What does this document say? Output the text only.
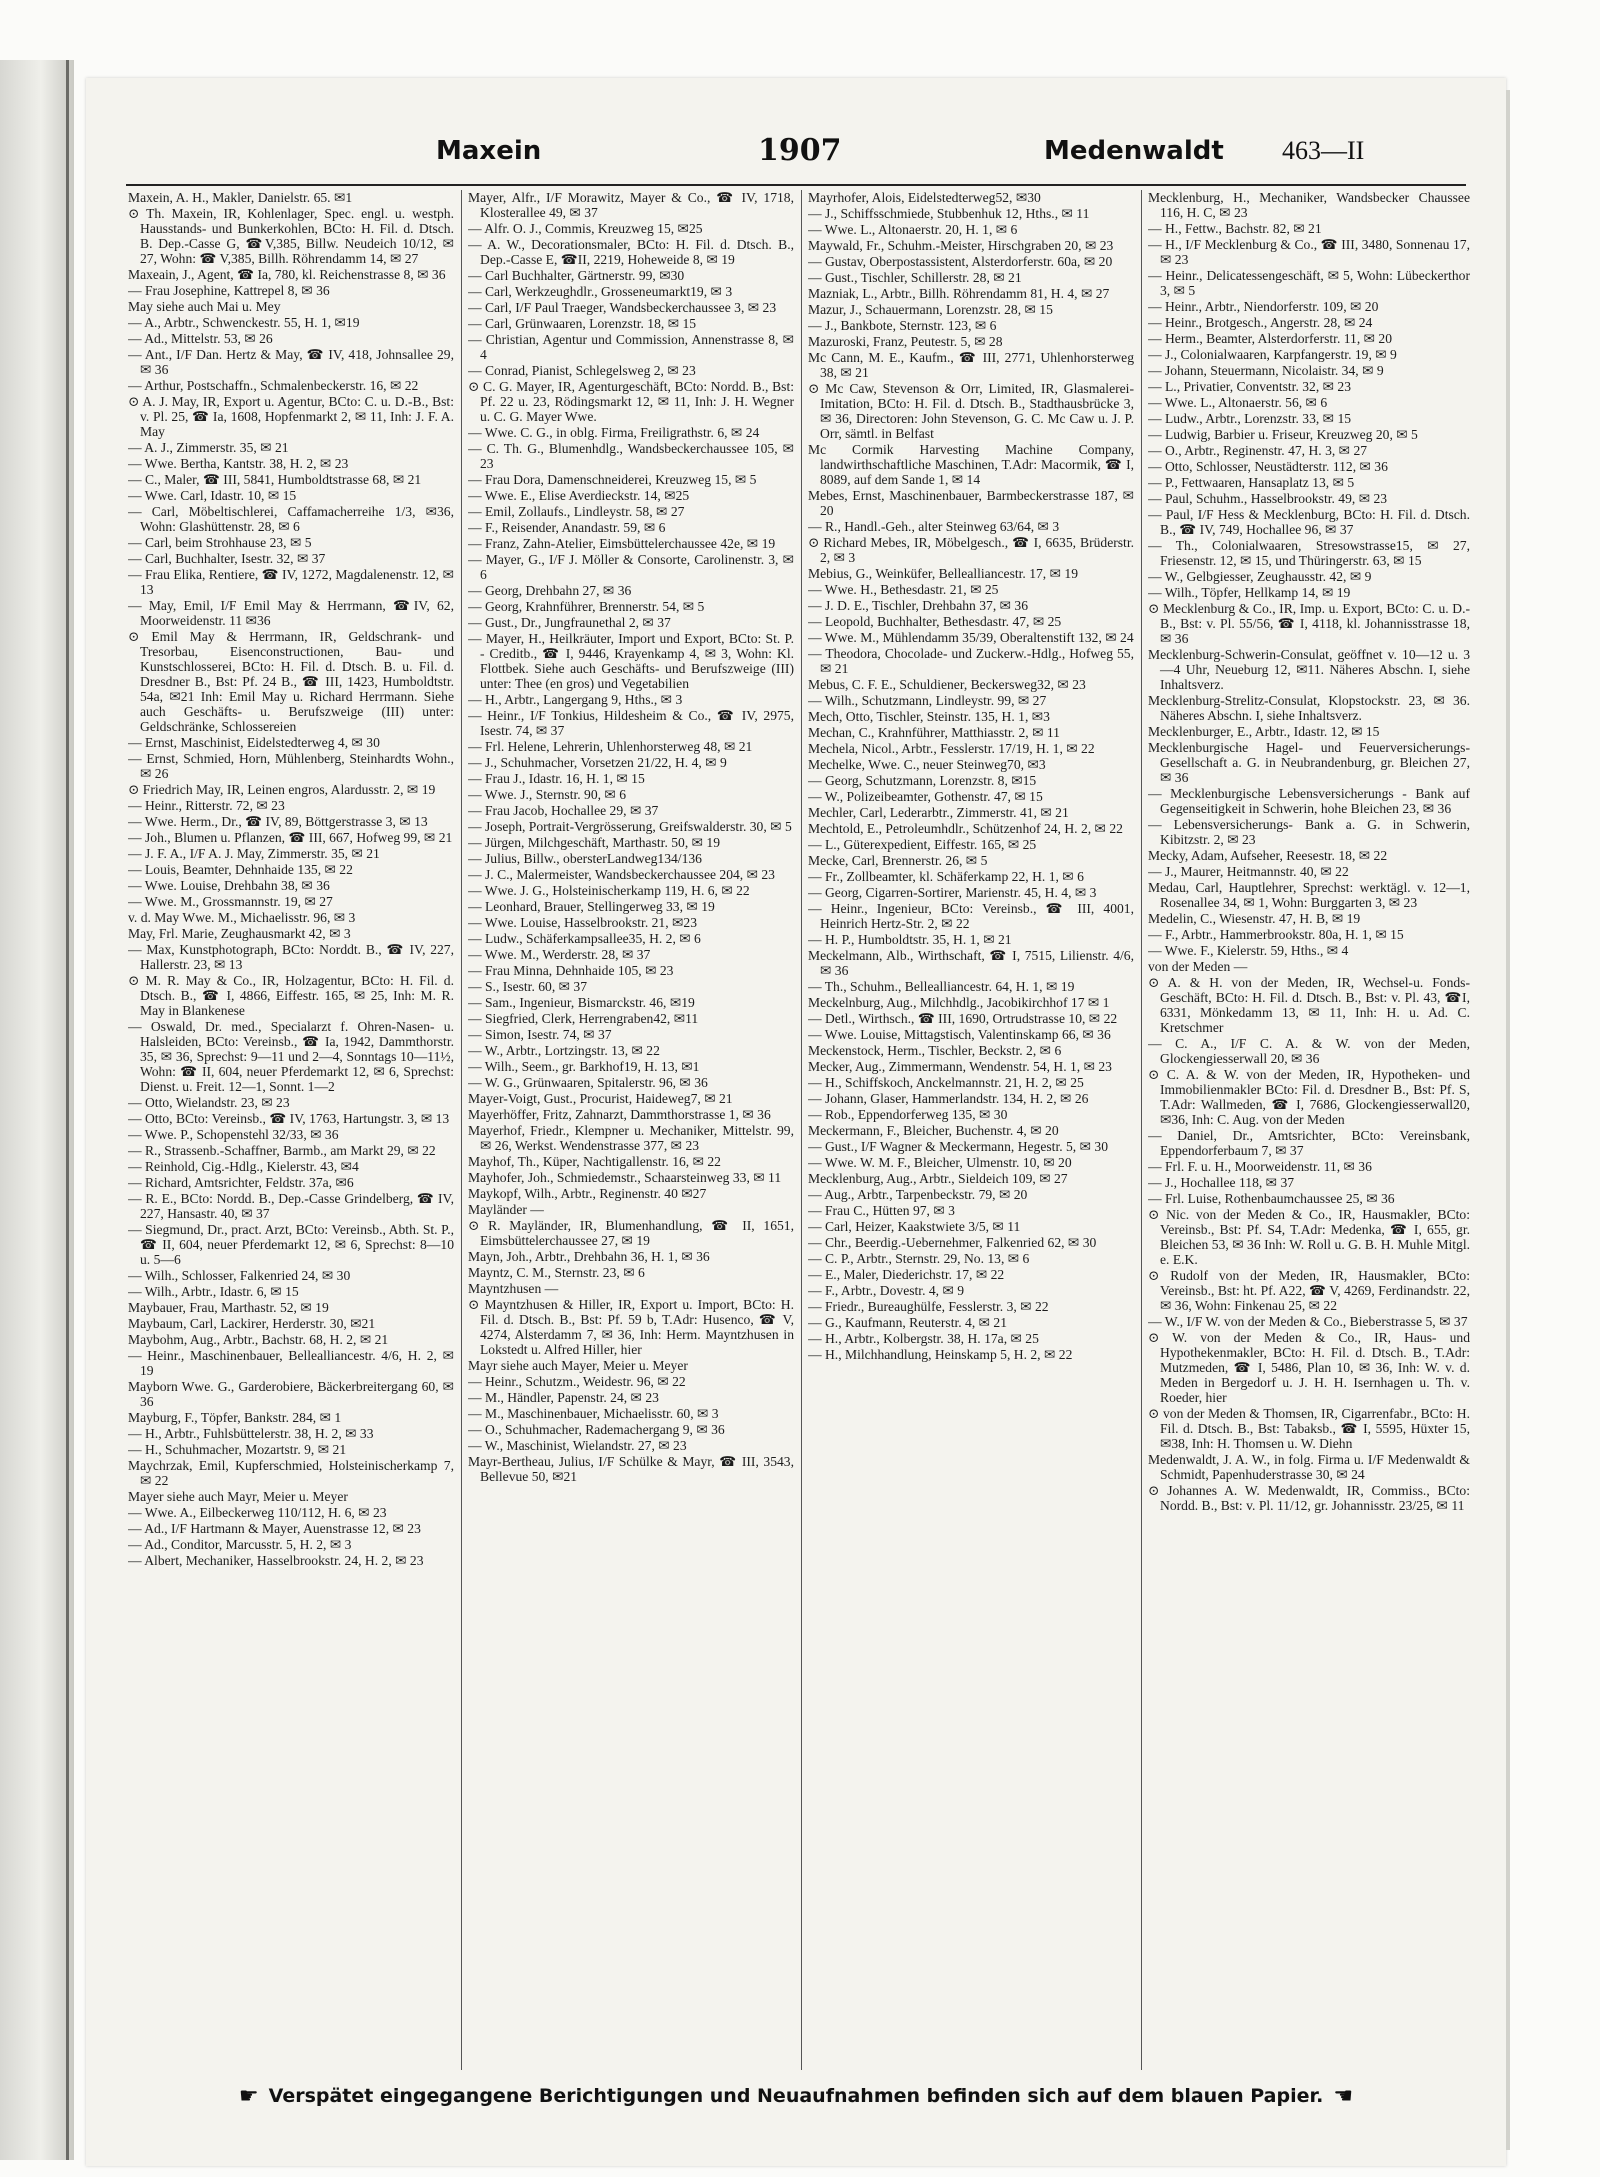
Maxein	1907	Medenwaldt 463—II
Maxein, A. H., Makler, Danielstr. 65. ✉1
⊙ Th. Maxein, IR, Kohlenlager, Spec. engl. u. westph. Hausstands- und Bunkerkohlen, BCto: H. Fil. d. Dtsch. B. Dep.-Casse G, ☎V,385, Billw. Neudeich 10/12, ✉ 27, Wohn: ☎ V,385, Billh. Röhrendamm 14, ✉ 27
Maxeain, J., Agent, ☎ Ia, 780, kl. Reichenstrasse 8, ✉ 36
— Frau Josephine, Kattrepel 8, ✉ 36
May siehe auch Mai u. Mey
— A., Arbtr., Schwenckestr. 55, H. 1, ✉19
— Ad., Mittelstr. 53, ✉ 26
— Ant., I/F Dan. Hertz & May, ☎ IV, 418, Johnsallee 29, ✉ 36
— Arthur, Postschaffn., Schmalenbeckerstr. 16, ✉ 22
⊙ A. J. May, IR, Export u. Agentur, BCto: C. u. D.-B., Bst: v. Pl. 25, ☎ Ia, 1608, Hopfenmarkt 2, ✉ 11, Inh: J. F. A. May
— A. J., Zimmerstr. 35, ✉ 21
— Wwe. Bertha, Kantstr. 38, H. 2, ✉ 23
— C., Maler, ☎ III, 5841, Humboldtstrasse 68, ✉ 21
— Wwe. Carl, Idastr. 10, ✉ 15
— Carl, Möbeltischlerei, Caffamacherreihe 1/3, ✉36, Wohn: Glashüttenstr. 28, ✉ 6
— Carl, beim Strohhause 23, ✉ 5
— Carl, Buchhalter, Isestr. 32, ✉ 37
— Frau Elika, Rentiere, ☎ IV, 1272, Magdalenenstr. 12, ✉ 13
— May, Emil, I/F Emil May & Herrmann, ☎IV, 62, Moorweidenstr. 11 ✉36
⊙ Emil May & Herrmann, IR, Geldschrank- und Tresorbau, Eisenconstructionen, Bau- und Kunstschlosserei, BCto: H. Fil. d. Dtsch. B. u. Fil. d. Dresdner B., Bst: Pf. 24 B., ☎ III, 1423, Humboldtstr. 54a, ✉21 Inh: Emil May u. Richard Herrmann. Siehe auch Geschäfts- u. Berufszweige (III) unter: Geldschränke, Schlossereien
— Ernst, Maschinist, Eidelstedterweg 4, ✉ 30
— Ernst, Schmied, Horn, Mühlenberg, Steinhardts Wohn., ✉ 26
⊙ Friedrich May, IR, Leinen engros, Alardusstr. 2, ✉ 19
— Heinr., Ritterstr. 72, ✉ 23
— Wwe. Herm., Dr., ☎ IV, 89, Böttgerstrasse 3, ✉ 13
— Joh., Blumen u. Pflanzen, ☎ III, 667, Hofweg 99, ✉ 21
— J. F. A., I/F A. J. May, Zimmerstr. 35, ✉ 21
— Louis, Beamter, Dehnhaide 135, ✉ 22
— Wwe. Louise, Drehbahn 38, ✉ 36
— Wwe. M., Grossmannstr. 19, ✉ 27
v. d. May Wwe. M., Michaelisstr. 96, ✉ 3
May, Frl. Marie, Zeughausmarkt 42, ✉ 3
— Max, Kunstphotograph, BCto: Norddt. B., ☎ IV, 227, Hallerstr. 23, ✉ 13
⊙ M. R. May & Co., IR, Holzagentur, BCto: H. Fil. d. Dtsch. B., ☎ I, 4866, Eiffestr. 165, ✉ 25, Inh: M. R. May in Blankenese
— Oswald, Dr. med., Specialarzt f. Ohren-Nasen- u. Halsleiden, BCto: Vereinsb., ☎ Ia, 1942, Dammthorstr. 35, ✉ 36, Sprechst: 9—11 und 2—4, Sonntags 10—11½, Wohn: ☎ II, 604, neuer Pferdemarkt 12, ✉ 6, Sprechst: Dienst. u. Freit. 12—1, Sonnt. 1—2
— Otto, Wielandstr. 23, ✉ 23
— Otto, BCto: Vereinsb., ☎ IV, 1763, Hartungstr. 3, ✉ 13
— Wwe. P., Schopenstehl 32/33, ✉ 36
— R., Strassenb.-Schaffner, Barmb., am Markt 29, ✉ 22
— Reinhold, Cig.-Hdlg., Kielerstr. 43, ✉4
— Richard, Amtsrichter, Feldstr. 37a, ✉6
— R. E., BCto: Nordd. B., Dep.-Casse Grindelberg, ☎ IV, 227, Hansastr. 40, ✉ 37
— Siegmund, Dr., pract. Arzt, BCto: Vereinsb., Abth. St. P., ☎ II, 604, neuer Pferdemarkt 12, ✉ 6, Sprechst: 8—10 u. 5—6
— Wilh., Schlosser, Falkenried 24, ✉ 30
— Wilh., Arbtr., Idastr. 6, ✉ 15
Maybauer, Frau, Marthastr. 52, ✉ 19
Maybaum, Carl, Lackirer, Herderstr. 30, ✉21
Maybohm, Aug., Arbtr., Bachstr. 68, H. 2, ✉ 21
— Heinr., Maschinenbauer, Bellealliancestr. 4/6, H. 2, ✉ 19
Mayborn Wwe. G., Garderobiere, Bäckerbreitergang 60, ✉ 36
Mayburg, F., Töpfer, Bankstr. 284, ✉ 1
— H., Arbtr., Fuhlsbüttelerstr. 38, H. 2, ✉ 33
— H., Schuhmacher, Mozartstr. 9, ✉ 21
Maychrzak, Emil, Kupferschmied, Holsteinischerkamp 7, ✉ 22
Mayer siehe auch Mayr, Meier u. Meyer
— Wwe. A., Eilbeckerweg 110/112, H. 6, ✉ 23
— Ad., I/F Hartmann & Mayer, Auenstrasse 12, ✉ 23
— Ad., Conditor, Marcusstr. 5, H. 2, ✉ 3
— Albert, Mechaniker, Hasselbrookstr. 24, H. 2, ✉ 23
Mayer, Alfr., I/F Morawitz, Mayer & Co., ☎ IV, 1718, Klosterallee 49, ✉ 37
— Alfr. O. J., Commis, Kreuzweg 15, ✉25
— A. W., Decorationsmaler, BCto: H. Fil. d. Dtsch. B., Dep.-Casse E, ☎II, 2219, Hoheweide 8, ✉ 19
— Carl Buchhalter, Gärtnerstr. 99, ✉30
— Carl, Werkzeughdlr., Grosseneumarkt19, ✉ 3
— Carl, I/F Paul Traeger, Wandsbeckerchaussee 3, ✉ 23
— Carl, Grünwaaren, Lorenzstr. 18, ✉ 15
— Christian, Agentur und Commission, Annenstrasse 8, ✉ 4
— Conrad, Pianist, Schlegelsweg 2, ✉ 23
⊙ C. G. Mayer, IR, Agenturgeschäft, BCto: Nordd. B., Bst: Pf. 22 u. 23, Rödingsmarkt 12, ✉ 11, Inh: J. H. Wegner u. C. G. Mayer Wwe.
— Wwe. C. G., in oblg. Firma, Freiligrathstr. 6, ✉ 24
— C. Th. G., Blumenhdlg., Wandsbeckerchaussee 105, ✉ 23
— Frau Dora, Damenschneiderei, Kreuzweg 15, ✉ 5
— Wwe. E., Elise Averdieckstr. 14, ✉25
— Emil, Zollaufs., Lindleystr. 58, ✉ 27
— F., Reisender, Anandastr. 59, ✉ 6
— Franz, Zahn-Atelier, Eimsbüttelerchaussee 42e, ✉ 19
— Mayer, G., I/F J. Möller & Consorte, Carolinenstr. 3, ✉ 6
— Georg, Drehbahn 27, ✉ 36
— Georg, Krahnführer, Brennerstr. 54, ✉ 5
— Gust., Dr., Jungfraunethal 2, ✉ 37
— Mayer, H., Heilkräuter, Import und Export, BCto: St. P. - Creditb., ☎ I, 9446, Krayenkamp 4, ✉ 3, Wohn: Kl. Flottbek. Siehe auch Geschäfts- und Berufszweige (III) unter: Thee (en gros) und Vegetabilien
— H., Arbtr., Langergang 9, Hths., ✉ 3
— Heinr., I/F Tonkius, Hildesheim & Co., ☎ IV, 2975, Isestr. 74, ✉ 37
— Frl. Helene, Lehrerin, Uhlenhorsterweg 48, ✉ 21
— J., Schuhmacher, Vorsetzen 21/22, H. 4, ✉ 9
— Frau J., Idastr. 16, H. 1, ✉ 15
— Wwe. J., Sternstr. 90, ✉ 6
— Frau Jacob, Hochallee 29, ✉ 37
— Joseph, Portrait-Vergrösserung, Greifswalderstr. 30, ✉ 5
— Jürgen, Milchgeschäft, Marthastr. 50, ✉ 19
— Julius, Billw., obersterLandweg134/136
— J. C., Malermeister, Wandsbeckerchaussee 204, ✉ 23
— Wwe. J. G., Holsteinischerkamp 119, H. 6, ✉ 22
— Leonhard, Brauer, Stellingerweg 33, ✉ 19
— Wwe. Louise, Hasselbrookstr. 21, ✉23
— Ludw., Schäferkampsallee35, H. 2, ✉ 6
— Wwe. M., Werderstr. 28, ✉ 37
— Frau Minna, Dehnhaide 105, ✉ 23
— S., Isestr. 60, ✉ 37
— Sam., Ingenieur, Bismarckstr. 46, ✉19
— Siegfried, Clerk, Herrengraben42, ✉11
— Simon, Isestr. 74, ✉ 37
— W., Arbtr., Lortzingstr. 13, ✉ 22
— Wilh., Seem., gr. Barkhof19, H. 13, ✉1
— W. G., Grünwaaren, Spitalerstr. 96, ✉ 36
Mayer-Voigt, Gust., Procurist, Haideweg7, ✉ 21
Mayerhöffer, Fritz, Zahnarzt, Dammthorstrasse 1, ✉ 36
Mayerhof, Friedr., Klempner u. Mechaniker, Mittelstr. 99, ✉ 26, Werkst. Wendenstrasse 377, ✉ 23
Mayhof, Th., Küper, Nachtigallenstr. 16, ✉ 22
Mayhofer, Joh., Schmiedemstr., Schaarsteinweg 33, ✉ 11
Maykopf, Wilh., Arbtr., Reginenstr. 40 ✉27
Mayländer —
⊙ R. Mayländer, IR, Blumenhandlung, ☎ II, 1651, Eimsbüttelerchaussee 27, ✉ 19
Mayn, Joh., Arbtr., Drehbahn 36, H. 1, ✉ 36
Mayntz, C. M., Sternstr. 23, ✉ 6
Mayntzhusen —
⊙ Mayntzhusen & Hiller, IR, Export u. Import, BCto: H. Fil. d. Dtsch. B., Bst: Pf. 59 b, T.Adr: Husenco, ☎ V, 4274, Alsterdamm 7, ✉ 36, Inh: Herm. Mayntzhusen in Lokstedt u. Alfred Hiller, hier
Mayr siehe auch Mayer, Meier u. Meyer
— Heinr., Schutzm., Weidestr. 96, ✉ 22
— M., Händler, Papenstr. 24, ✉ 23
— M., Maschinenbauer, Michaelisstr. 60, ✉ 3
— O., Schuhmacher, Rademachergang 9, ✉ 36
— W., Maschinist, Wielandstr. 27, ✉ 23
Mayr-Bertheau, Julius, I/F Schülke & Mayr, ☎ III, 3543, Bellevue 50, ✉21
Mayrhofer, Alois, Eidelstedterweg52, ✉30
— J., Schiffsschmiede, Stubbenhuk 12, Hths., ✉ 11
— Wwe. L., Altonaerstr. 20, H. 1, ✉ 6
Maywald, Fr., Schuhm.-Meister, Hirschgraben 20, ✉ 23
— Gustav, Oberpostassistent, Alsterdorferstr. 60a, ✉ 20
— Gust., Tischler, Schillerstr. 28, ✉ 21
Mazniak, L., Arbtr., Billh. Röhrendamm 81, H. 4, ✉ 27
Mazur, J., Schauermann, Lorenzstr. 28, ✉ 15
— J., Bankbote, Sternstr. 123, ✉ 6
Mazuroski, Franz, Peutestr. 5, ✉ 28
Mc Cann, M. E., Kaufm., ☎ III, 2771, Uhlenhorsterweg 38, ✉ 21
⊙ Mc Caw, Stevenson & Orr, Limited, IR, Glasmalerei-Imitation, BCto: H. Fil. d. Dtsch. B., Stadthausbrücke 3, ✉ 36, Directoren: John Stevenson, G. C. Mc Caw u. J. P. Orr, sämtl. in Belfast
Mc Cormik Harvesting Machine Company, landwirthschaftliche Maschinen, T.Adr: Macormik, ☎ I, 8089, auf dem Sande 1, ✉ 14
Mebes, Ernst, Maschinenbauer, Barmbeckerstrasse 187, ✉ 20
— R., Handl.-Geh., alter Steinweg 63/64, ✉ 3
⊙ Richard Mebes, IR, Möbelgesch., ☎ I, 6635, Brüderstr. 2, ✉ 3
Mebius, G., Weinküfer, Bellealliancestr. 17, ✉ 19
— Wwe. H., Bethesdastr. 21, ✉ 25
— J. D. E., Tischler, Drehbahn 37, ✉ 36
— Leopold, Buchhalter, Bethesdastr. 47, ✉ 25
— Wwe. M., Mühlendamm 35/39, Oberaltenstift 132, ✉ 24
— Theodora, Chocolade- und Zuckerw.-Hdlg., Hofweg 55, ✉ 21
Mebus, C. F. E., Schuldiener, Beckersweg32, ✉ 23
— Wilh., Schutzmann, Lindleystr. 99, ✉ 27
Mech, Otto, Tischler, Steinstr. 135, H. 1, ✉3
Mechan, C., Krahnführer, Matthiasstr. 2, ✉ 11
Mechela, Nicol., Arbtr., Fesslerstr. 17/19, H. 1, ✉ 22
Mechelke, Wwe. C., neuer Steinweg70, ✉3
— Georg, Schutzmann, Lorenzstr. 8, ✉15
— W., Polizeibeamter, Gothenstr. 47, ✉ 15
Mechler, Carl, Lederarbtr., Zimmerstr. 41, ✉ 21
Mechtold, E., Petroleumhdlr., Schützenhof 24, H. 2, ✉ 22
— L., Güterexpedient, Eiffestr. 165, ✉ 25
Mecke, Carl, Brennerstr. 26, ✉ 5
— Fr., Zollbeamter, kl. Schäferkamp 22, H. 1, ✉ 6
— Georg, Cigarren-Sortirer, Marienstr. 45, H. 4, ✉ 3
— Heinr., Ingenieur, BCto: Vereinsb., ☎ III, 4001, Heinrich Hertz-Str. 2, ✉ 22
— H. P., Humboldtstr. 35, H. 1, ✉ 21
Meckelmann, Alb., Wirthschaft, ☎ I, 7515, Lilienstr. 4/6, ✉ 36
— Th., Schuhm., Bellealliancestr. 64, H. 1, ✉ 19
Meckelnburg, Aug., Milchhdlg., Jacobikirchhof 17 ✉ 1
— Detl., Wirthsch., ☎ III, 1690, Ortrudstrasse 10, ✉ 22
— Wwe. Louise, Mittagstisch, Valentinskamp 66, ✉ 36
Meckenstock, Herm., Tischler, Beckstr. 2, ✉ 6
Mecker, Aug., Zimmermann, Wendenstr. 54, H. 1, ✉ 23
— H., Schiffskoch, Anckelmannstr. 21, H. 2, ✉ 25
— Johann, Glaser, Hammerlandstr. 134, H. 2, ✉ 26
— Rob., Eppendorferweg 135, ✉ 30
Meckermann, F., Bleicher, Buchenstr. 4, ✉ 20
— Gust., I/F Wagner & Meckermann, Hegestr. 5, ✉ 30
— Wwe. W. M. F., Bleicher, Ulmenstr. 10, ✉ 20
Mecklenburg, Aug., Arbtr., Sieldeich 109, ✉ 27
— Aug., Arbtr., Tarpenbeckstr. 79, ✉ 20
— Frau C., Hütten 97, ✉ 3
— Carl, Heizer, Kaakstwiete 3/5, ✉ 11
— Chr., Beerdig.-Uebernehmer, Falkenried 62, ✉ 30
— C. P., Arbtr., Sternstr. 29, No. 13, ✉ 6
— E., Maler, Diederichstr. 17, ✉ 22
— F., Arbtr., Dovestr. 4, ✉ 9
— Friedr., Bureaughülfe, Fesslerstr. 3, ✉ 22
— G., Kaufmann, Reuterstr. 4, ✉ 21
— H., Arbtr., Kolbergstr. 38, H. 17a, ✉ 25
— H., Milchhandlung, Heinskamp 5, H. 2, ✉ 22
Mecklenburg, H., Mechaniker, Wandsbecker Chaussee 116, H. C, ✉ 23
— H., Fettw., Bachstr. 82, ✉ 21
— H., I/F Mecklenburg & Co., ☎ III, 3480, Sonnenau 17, ✉ 23
— Heinr., Delicatessengeschäft, ✉ 5, Wohn: Lübeckerthor 3, ✉ 5
— Heinr., Arbtr., Niendorferstr. 109, ✉ 20
— Heinr., Brotgesch., Angerstr. 28, ✉ 24
— Herm., Beamter, Alsterdorferstr. 11, ✉ 20
— J., Colonialwaaren, Karpfangerstr. 19, ✉ 9
— Johann, Steuermann, Nicolaistr. 34, ✉ 9
— L., Privatier, Conventstr. 32, ✉ 23
— Wwe. L., Altonaerstr. 56, ✉ 6
— Ludw., Arbtr., Lorenzstr. 33, ✉ 15
— Ludwig, Barbier u. Friseur, Kreuzweg 20, ✉ 5
— O., Arbtr., Reginenstr. 47, H. 3, ✉ 27
— Otto, Schlosser, Neustädterstr. 112, ✉ 36
— P., Fettwaaren, Hansaplatz 13, ✉ 5
— Paul, Schuhm., Hasselbrookstr. 49, ✉ 23
— Paul, I/F Hess & Mecklenburg, BCto: H. Fil. d. Dtsch. B., ☎ IV, 749, Hochallee 96, ✉ 37
— Th., Colonialwaaren, Stresowstrasse15, ✉ 27, Friesenstr. 12, ✉ 15, und Thüringerstr. 63, ✉ 15
— W., Gelbgiesser, Zeughausstr. 42, ✉ 9
— Wilh., Töpfer, Hellkamp 14, ✉ 19
⊙ Mecklenburg & Co., IR, Imp. u. Export, BCto: C. u. D.-B., Bst: v. Pl. 55/56, ☎ I, 4118, kl. Johannisstrasse 18, ✉ 36
Mecklenburg-Schwerin-Consulat, geöffnet v. 10—12 u. 3—4 Uhr, Neueburg 12, ✉11. Näheres Abschn. I, siehe Inhaltsverz.
Mecklenburg-Strelitz-Consulat, Klopstockstr. 23, ✉ 36. Näheres Abschn. I, siehe Inhaltsverz.
Mecklenburger, E., Arbtr., Idastr. 12, ✉ 15
Mecklenburgische Hagel- und Feuerversicherungs-Gesellschaft a. G. in Neubrandenburg, gr. Bleichen 27, ✉ 36
— Mecklenburgische Lebensversicherungs - Bank auf Gegenseitigkeit in Schwerin, hohe Bleichen 23, ✉ 36
— Lebensversicherungs- Bank a. G. in Schwerin, Kibitzstr. 2, ✉ 23
Mecky, Adam, Aufseher, Reesestr. 18, ✉ 22
— J., Maurer, Heitmannstr. 40, ✉ 22
Medau, Carl, Hauptlehrer, Sprechst: werktägl. v. 12—1, Rosenallee 34, ✉ 1, Wohn: Burggarten 3, ✉ 23
Medelin, C., Wiesenstr. 47, H. B, ✉ 19
— F., Arbtr., Hammerbrookstr. 80a, H. 1, ✉ 15
— Wwe. F., Kielerstr. 59, Hths., ✉ 4
von der Meden —
⊙ A. & H. von der Meden, IR, Wechsel-u. Fonds-Geschäft, BCto: H. Fil. d. Dtsch. B., Bst: v. Pl. 43, ☎I, 6331, Mönkedamm 13, ✉ 11, Inh: H. u. Ad. C. Kretschmer
— C. A., I/F C. A. & W. von der Meden, Glockengiesserwall 20, ✉ 36
⊙ C. A. & W. von der Meden, IR, Hypotheken- und Immobilienmakler BCto: Fil. d. Dresdner B., Bst: Pf. S, T.Adr: Wallmeden, ☎ I, 7686, Glockengiesserwall20, ✉36, Inh: C. Aug. von der Meden
— Daniel, Dr., Amtsrichter, BCto: Vereinsbank, Eppendorferbaum 7, ✉ 37
— Frl. F. u. H., Moorweidenstr. 11, ✉ 36
— J., Hochallee 118, ✉ 37
— Frl. Luise, Rothenbaumchaussee 25, ✉ 36
⊙ Nic. von der Meden & Co., IR, Hausmakler, BCto: Vereinsb., Bst: Pf. S4, T.Adr: Medenka, ☎ I, 655, gr. Bleichen 53, ✉ 36 Inh: W. Roll u. G. B. H. Muhle Mitgl. e. E.K.
⊙ Rudolf von der Meden, IR, Hausmakler, BCto: Vereinsb., Bst: ht. Pf. A22, ☎ V, 4269, Ferdinandstr. 22, ✉ 36, Wohn: Finkenau 25, ✉ 22
— W., I/F W. von der Meden & Co., Bieberstrasse 5, ✉ 37
⊙ W. von der Meden & Co., IR, Haus- und Hypothekenmakler, BCto: H. Fil. d. Dtsch. B., T.Adr: Mutzmeden, ☎ I, 5486, Plan 10, ✉ 36, Inh: W. v. d. Meden in Bergedorf u. J. H. H. Isernhagen u. Th. v. Roeder, hier
⊙ von der Meden & Thomsen, IR, Cigarrenfabr., BCto: H. Fil. d. Dtsch. B., Bst: Tabaksb., ☎ I, 5595, Hüxter 15, ✉38, Inh: H. Thomsen u. W. Diehn
Medenwaldt, J. A. W., in folg. Firma u. I/F Medenwaldt & Schmidt, Papenhuderstrasse 30, ✉ 24
⊙ Johannes A. W. Medenwaldt, IR, Commiss., BCto: Nordd. B., Bst: v. Pl. 11/12, gr. Johannisstr. 23/25, ✉ 11
☛ Verspätet eingegangene Berichtigungen und Neuaufnahmen befinden sich auf dem blauen Papier. ☚
